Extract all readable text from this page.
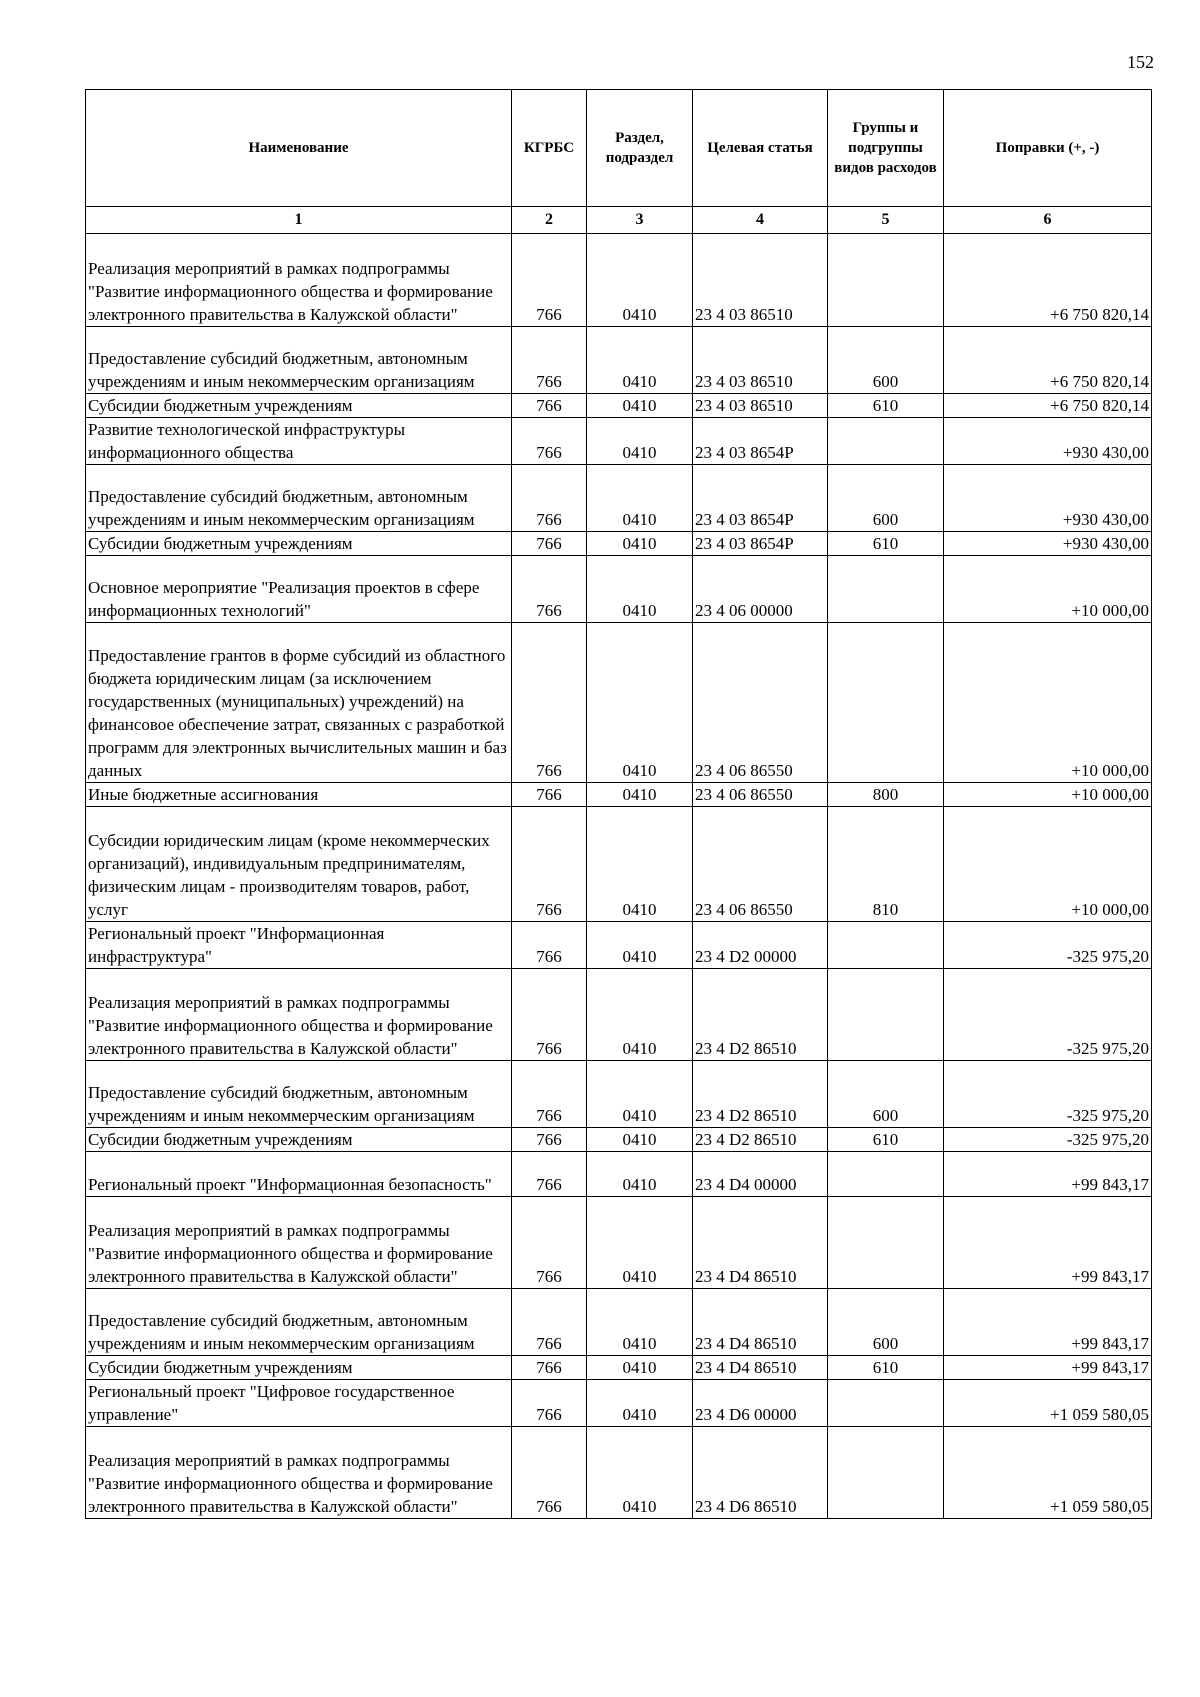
152
Наименование	КГРБС	Раздел, подраздел	Целевая статья	Группы и подгруппы видов расходов	Поправки (+, -)
1	2	3	4	5	6
Реализация мероприятий в рамках подпрограммы "Развитие информационного общества и формирование электронного правительства в Калужской области"	766	0410	23 4 03 86510		+6 750 820,14
Предоставление субсидий бюджетным, автономным учреждениям и иным некоммерческим организациям	766	0410	23 4 03 86510	600	+6 750 820,14
Субсидии бюджетным учреждениям	766	0410	23 4 03 86510	610	+6 750 820,14
Развитие технологической инфраструктуры информационного общества	766	0410	23 4 03 8654P		+930 430,00
Предоставление субсидий бюджетным, автономным учреждениям и иным некоммерческим организациям	766	0410	23 4 03 8654P	600	+930 430,00
Субсидии бюджетным учреждениям	766	0410	23 4 03 8654P	610	+930 430,00
Основное мероприятие "Реализация проектов в сфере информационных технологий"	766	0410	23 4 06 00000		+10 000,00
Предоставление грантов в форме субсидий из областного бюджета юридическим лицам (за исключением государственных (муниципальных) учреждений) на финансовое обеспечение затрат, связанных с разработкой программ для электронных вычислительных машин и баз данных	766	0410	23 4 06 86550		+10 000,00
Иные бюджетные ассигнования	766	0410	23 4 06 86550	800	+10 000,00
Субсидии юридическим лицам (кроме некоммерческих организаций), индивидуальным предпринимателям, физическим лицам - производителям товаров, работ, услуг	766	0410	23 4 06 86550	810	+10 000,00
Региональный проект "Информационная инфраструктура"	766	0410	23 4 D2 00000		-325 975,20
Реализация мероприятий в рамках подпрограммы "Развитие информационного общества и формирование электронного правительства в Калужской области"	766	0410	23 4 D2 86510		-325 975,20
Предоставление субсидий бюджетным, автономным учреждениям и иным некоммерческим организациям	766	0410	23 4 D2 86510	600	-325 975,20
Субсидии бюджетным учреждениям	766	0410	23 4 D2 86510	610	-325 975,20
Региональный проект "Информационная безопасность"	766	0410	23 4 D4 00000		+99 843,17
Реализация мероприятий в рамках подпрограммы "Развитие информационного общества и формирование электронного правительства в Калужской области"	766	0410	23 4 D4 86510		+99 843,17
Предоставление субсидий бюджетным, автономным учреждениям и иным некоммерческим организациям	766	0410	23 4 D4 86510	600	+99 843,17
Субсидии бюджетным учреждениям	766	0410	23 4 D4 86510	610	+99 843,17
Региональный проект "Цифровое государственное управление"	766	0410	23 4 D6 00000		+1 059 580,05
Реализация мероприятий в рамках подпрограммы "Развитие информационного общества и формирование электронного правительства в Калужской области"	766	0410	23 4 D6 86510		+1 059 580,05
